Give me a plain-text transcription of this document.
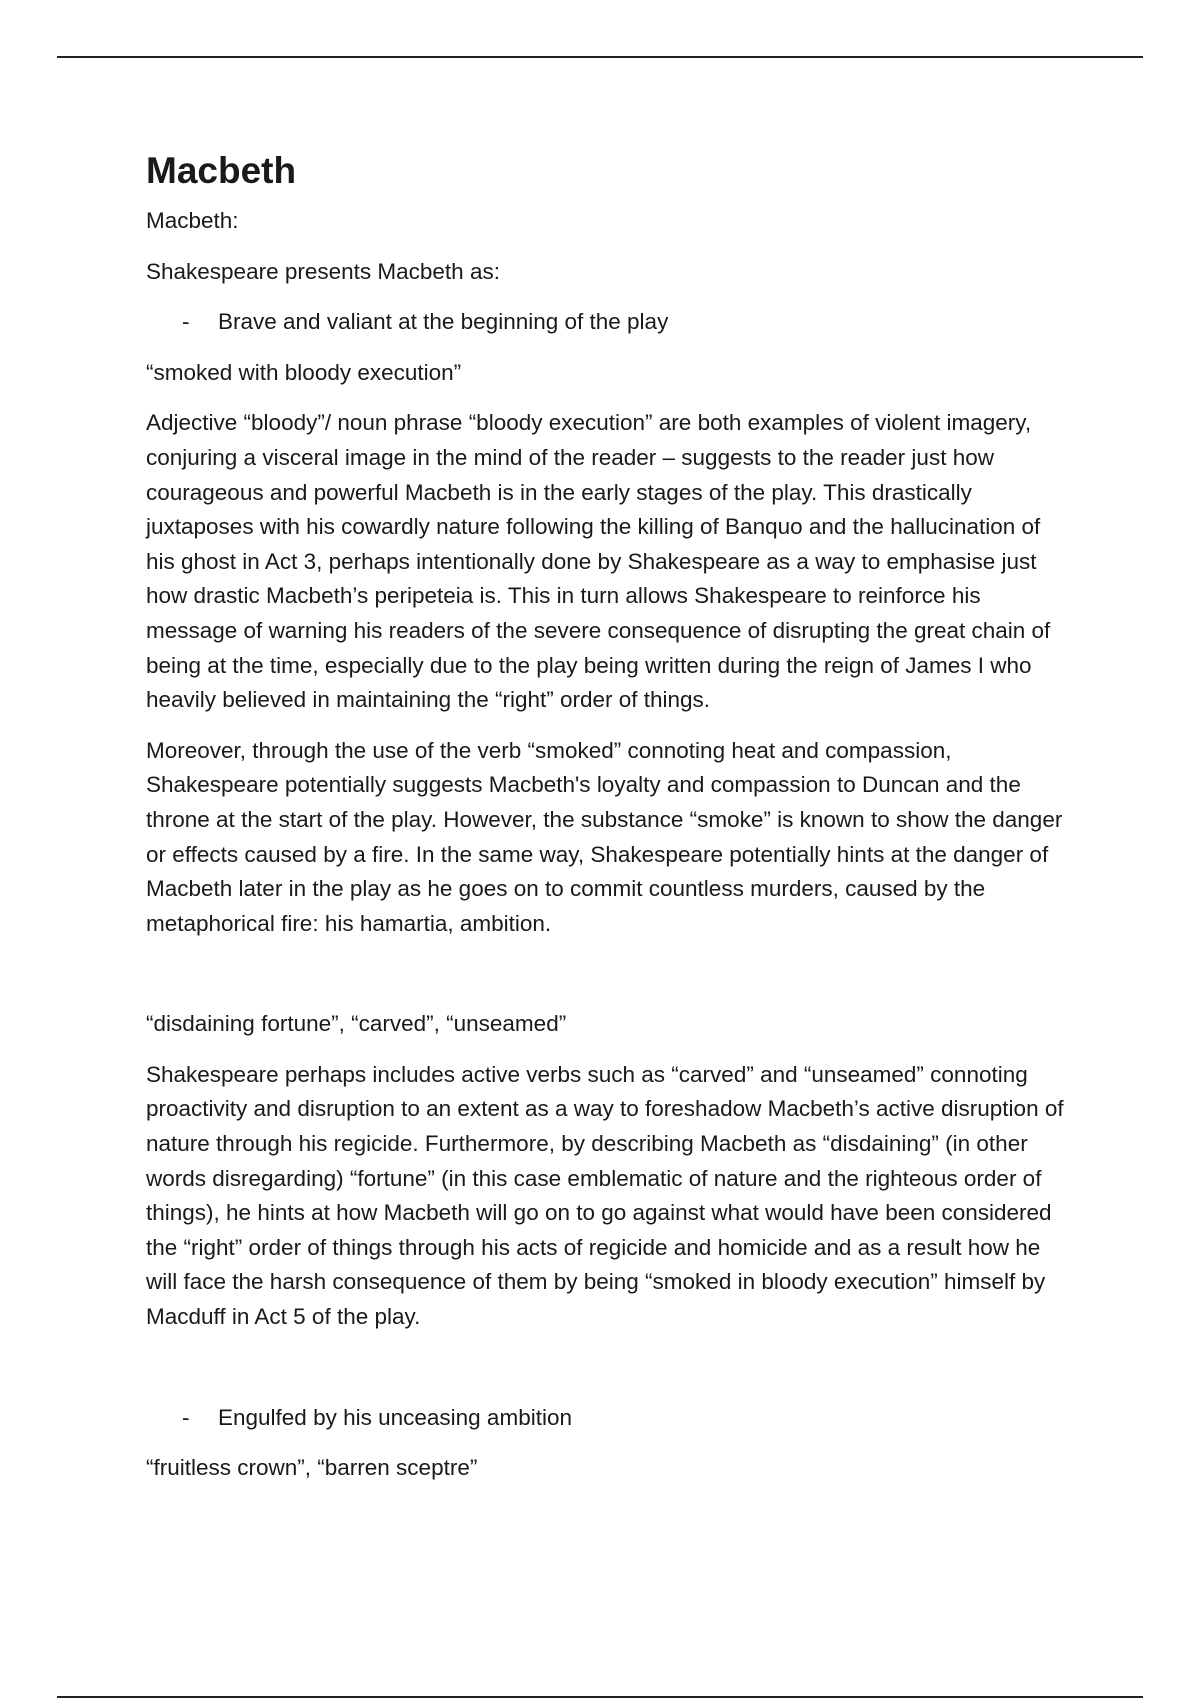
Macbeth

Macbeth:

Shakespeare presents Macbeth as:

- Brave and valiant at the beginning of the play

“smoked with bloody execution”

Adjective “bloody”/ noun phrase “bloody execution” are both examples of violent imagery, conjuring a visceral image in the mind of the reader – suggests to the reader just how courageous and powerful Macbeth is in the early stages of the play. This drastically juxtaposes with his cowardly nature following the killing of Banquo and the hallucination of his ghost in Act 3, perhaps intentionally done by Shakespeare as a way to emphasise just how drastic Macbeth’s peripeteia is. This in turn allows Shakespeare to reinforce his message of warning his readers of the severe consequence of disrupting the great chain of being at the time, especially due to the play being written during the reign of James I who heavily believed in maintaining the “right” order of things.

Moreover, through the use of the verb “smoked” connoting heat and compassion, Shakespeare potentially suggests Macbeth's loyalty and compassion to Duncan and the throne at the start of the play. However, the substance “smoke” is known to show the danger or effects caused by a fire. In the same way, Shakespeare potentially hints at the danger of Macbeth later in the play as he goes on to commit countless murders, caused by the metaphorical fire: his hamartia, ambition.

“disdaining fortune”, “carved”, “unseamed”

Shakespeare perhaps includes active verbs such as “carved” and “unseamed” connoting proactivity and disruption to an extent as a way to foreshadow Macbeth’s active disruption of nature through his regicide. Furthermore, by describing Macbeth as “disdaining” (in other words disregarding) “fortune” (in this case emblematic of nature and the righteous order of things), he hints at how Macbeth will go on to go against what would have been considered the “right” order of things through his acts of regicide and homicide and as a result how he will face the harsh consequence of them by being “smoked in bloody execution” himself by Macduff in Act 5 of the play.

- Engulfed by his unceasing ambition

“fruitless crown”, “barren sceptre”
